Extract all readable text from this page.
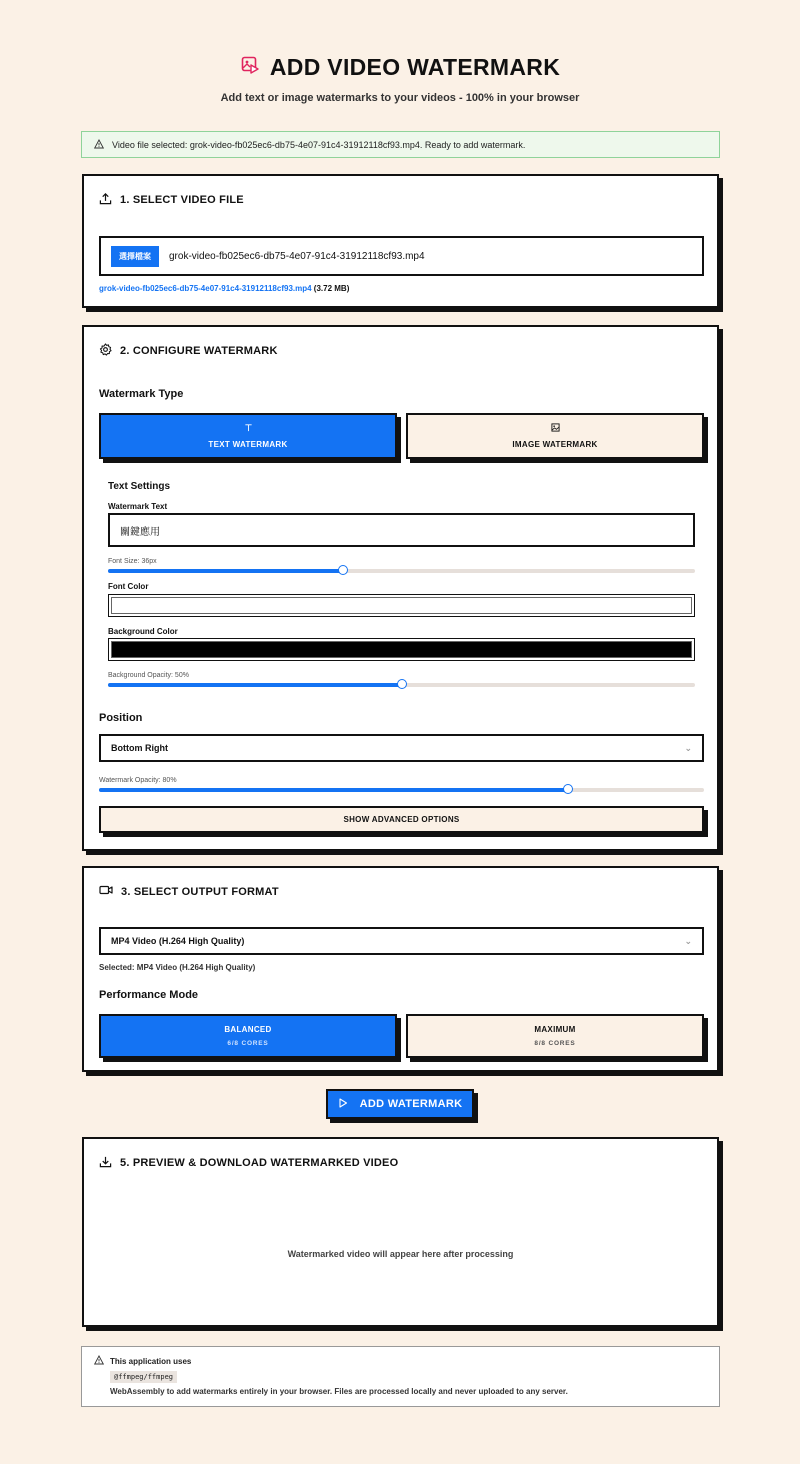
ADD VIDEO WATERMARK
Add text or image watermarks to your videos - 100% in your browser
Video file selected: grok-video-fb025ec6-db75-4e07-91c4-31912118cf93.mp4. Ready to add watermark.
1. SELECT VIDEO FILE
選擇檔案	grok-video-fb025ec6-db75-4e07-91c4-31912118cf93.mp4
grok-video-fb025ec6-db75-4e07-91c4-31912118cf93.mp4 (3.72 MB)
2. CONFIGURE WATERMARK
Watermark Type
TEXT WATERMARK	IMAGE WATERMARK
Text Settings
Watermark Text
關鍵應用
Font Size: 36px
Font Color
Background Color
Background Opacity: 50%
Position
Bottom Right	⌄
Watermark Opacity: 80%
SHOW ADVANCED OPTIONS
3. SELECT OUTPUT FORMAT
MP4 Video (H.264 High Quality)	⌄
Selected: MP4 Video (H.264 High Quality)
Performance Mode
BALANCED
6/8 CORES
MAXIMUM
8/8 CORES
ADD WATERMARK
5. PREVIEW & DOWNLOAD WATERMARKED VIDEO
Watermarked video will appear here after processing
This application uses
@ffmpeg/ffmpeg
WebAssembly to add watermarks entirely in your browser. Files are processed locally and never uploaded to any server.
